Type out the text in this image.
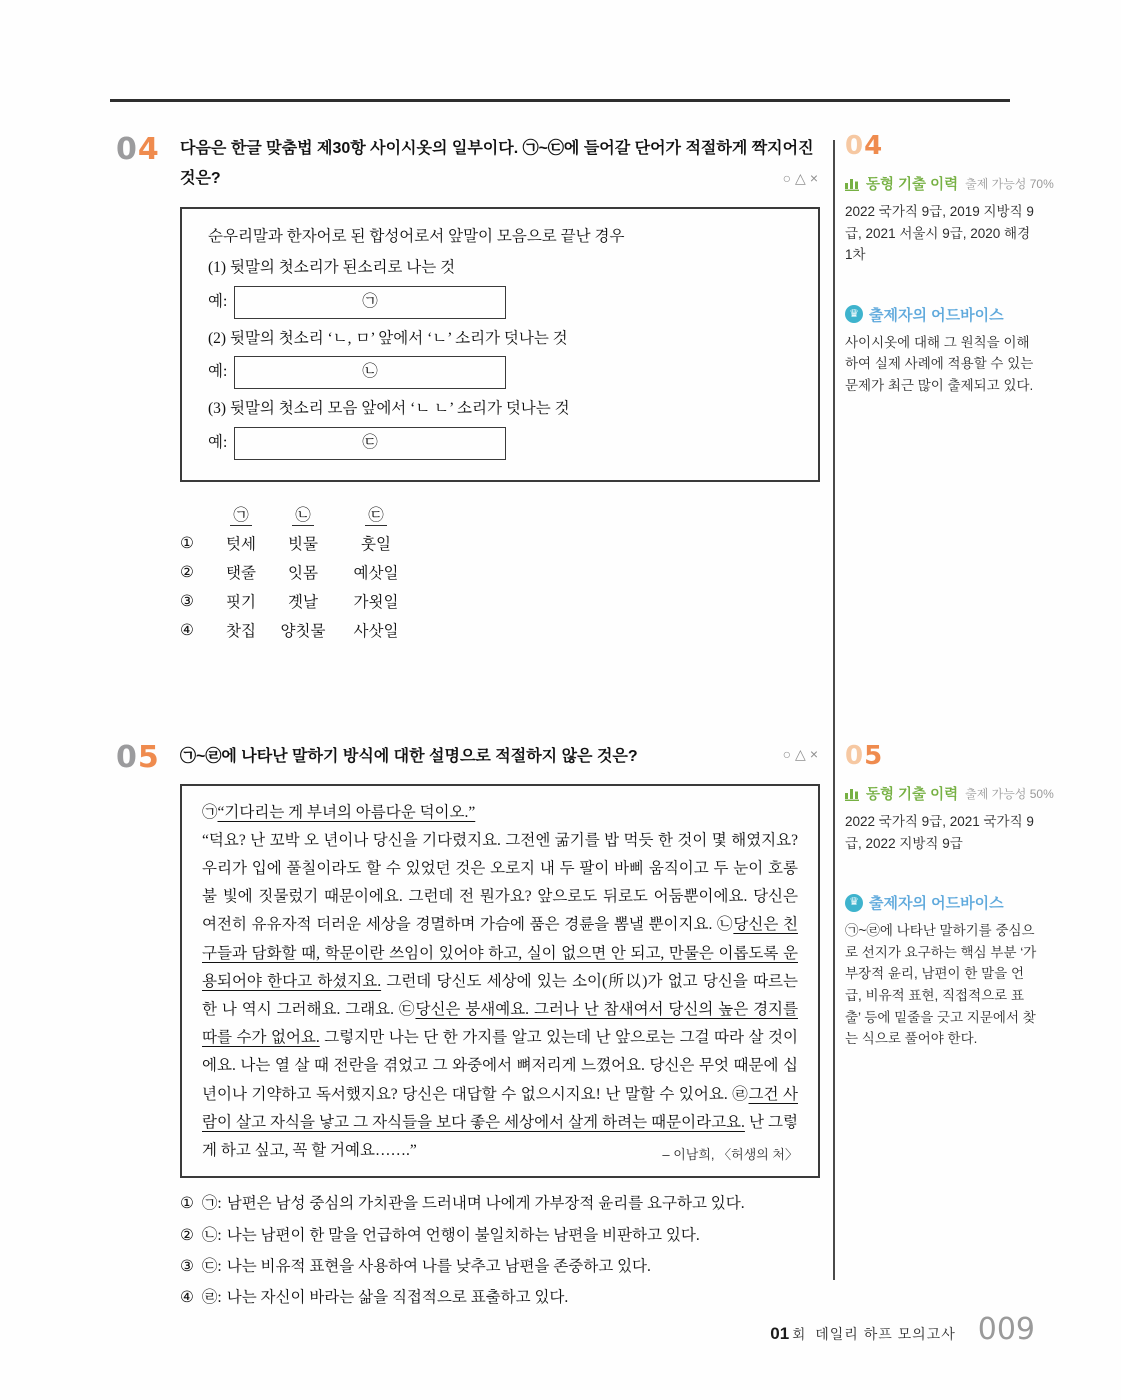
04 다음은 한글 맞춤법 제30항 사이시옷의 일부이다. ㉠~㉢에 들어갈 단어가 적절하게 짝지어진 것은?	○△×
순우리말과 한자어로 된 합성어로서 앞말이 모음으로 끝난 경우
(1) 뒷말의 첫소리가 된소리로 나는 것
예:	㉠
(2) 뒷말의 첫소리 ‘ㄴ, ㅁ’ 앞에서 ‘ㄴ’ 소리가 덧나는 것
예:	㉡
(3) 뒷말의 첫소리 모음 앞에서 ‘ㄴ ㄴ’ 소리가 덧나는 것
예:	㉢
㉠	㉡	㉢
①	텃세	빗물	훗일
②	탯줄	잇몸	예삿일
③	핏기	곗날	가욋일
④	찻집	양칫물	사삿일
05 ㉠~㉣에 나타난 말하기 방식에 대한 설명으로 적절하지 않은 것은?	○△×

㉠“기다리는 게 부녀의 아름다운 덕이오.”
“덕요? 난 꼬박 오 년이나 당신을 기다렸지요. 그전엔 굶기를 밥 먹듯 한 것이 몇 해였지요? 우리가 입에 풀칠이라도 할 수 있었던 것은 오로지 내 두 팔이 바삐 움직이고 두 눈이 호롱불 빛에 짓물렀기 때문이에요. 그런데 전 뭔가요? 앞으로도 뒤로도 어둠뿐이에요. 당신은 여전히 유유자적 더러운 세상을 경멸하며 가슴에 품은 경륜을 뽐낼 뿐이지요. ㉡당신은 친구들과 담화할 때, 학문이란 쓰임이 있어야 하고, 실이 없으면 안 되고, 만물은 이롭도록 운용되어야 한다고 하셨지요. 그런데 당신도 세상에 있는 소이(所以)가 없고 당신을 따르는 한 나 역시 그러해요. 그래요. ㉢당신은 붕새예요. 그러나 난 참새여서 당신의 높은 경지를 따를 수가 없어요. 그렇지만 나는 단 한 가지를 알고 있는데 난 앞으로는 그걸 따라 살 것이에요. 나는 열 살 때 전란을 겪었고 그 와중에서 뼈저리게 느꼈어요. 당신은 무엇 때문에 십 년이나 기약하고 독서했지요? 당신은 대답할 수 없으시지요! 난 말할 수 있어요. ㉣그건 사람이 살고 자식을 낳고 그 자식들을 보다 좋은 세상에서 살게 하려는 때문이라고요. 난 그렇게 하고 싶고, 꼭 할 거예요…….”	– 이남희, 〈허생의 처〉

① ㉠: 남편은 남성 중심의 가치관을 드러내며 나에게 가부장적 윤리를 요구하고 있다.

② ㉡: 나는 남편이 한 말을 언급하여 언행이 불일치하는 남편을 비판하고 있다.

③ ㉢: 나는 비유적 표현을 사용하여 나를 낮추고 남편을 존중하고 있다.

④ ㉣: 나는 자신이 바라는 삶을 직접적으로 표출하고 있다.

04
동형 기출 이력 출제 가능성 70%

2022 국가직 9급, 2019 지방직 9급, 2021 서울시 9급, 2020 해경 1차

♛ 출제자의 어드바이스

사이시옷에 대해 그 원칙을 이해하여 실제 사례에 적용할 수 있는 문제가 최근 많이 출제되고 있다.

05
동형 기출 이력 출제 가능성 50%

2022 국가직 9급, 2021 국가직 9급, 2022 지방직 9급

♛ 출제자의 어드바이스

㉠~㉣에 나타난 말하기를 중심으로 선지가 요구하는 핵심 부분 ‘가부장적 윤리, 남편이 한 말을 언급, 비유적 표현, 직접적으로 표출’ 등에 밑줄을 긋고 지문에서 찾는 식으로 풀어야 한다.

01 회 데일리 하프 모의고사 009
